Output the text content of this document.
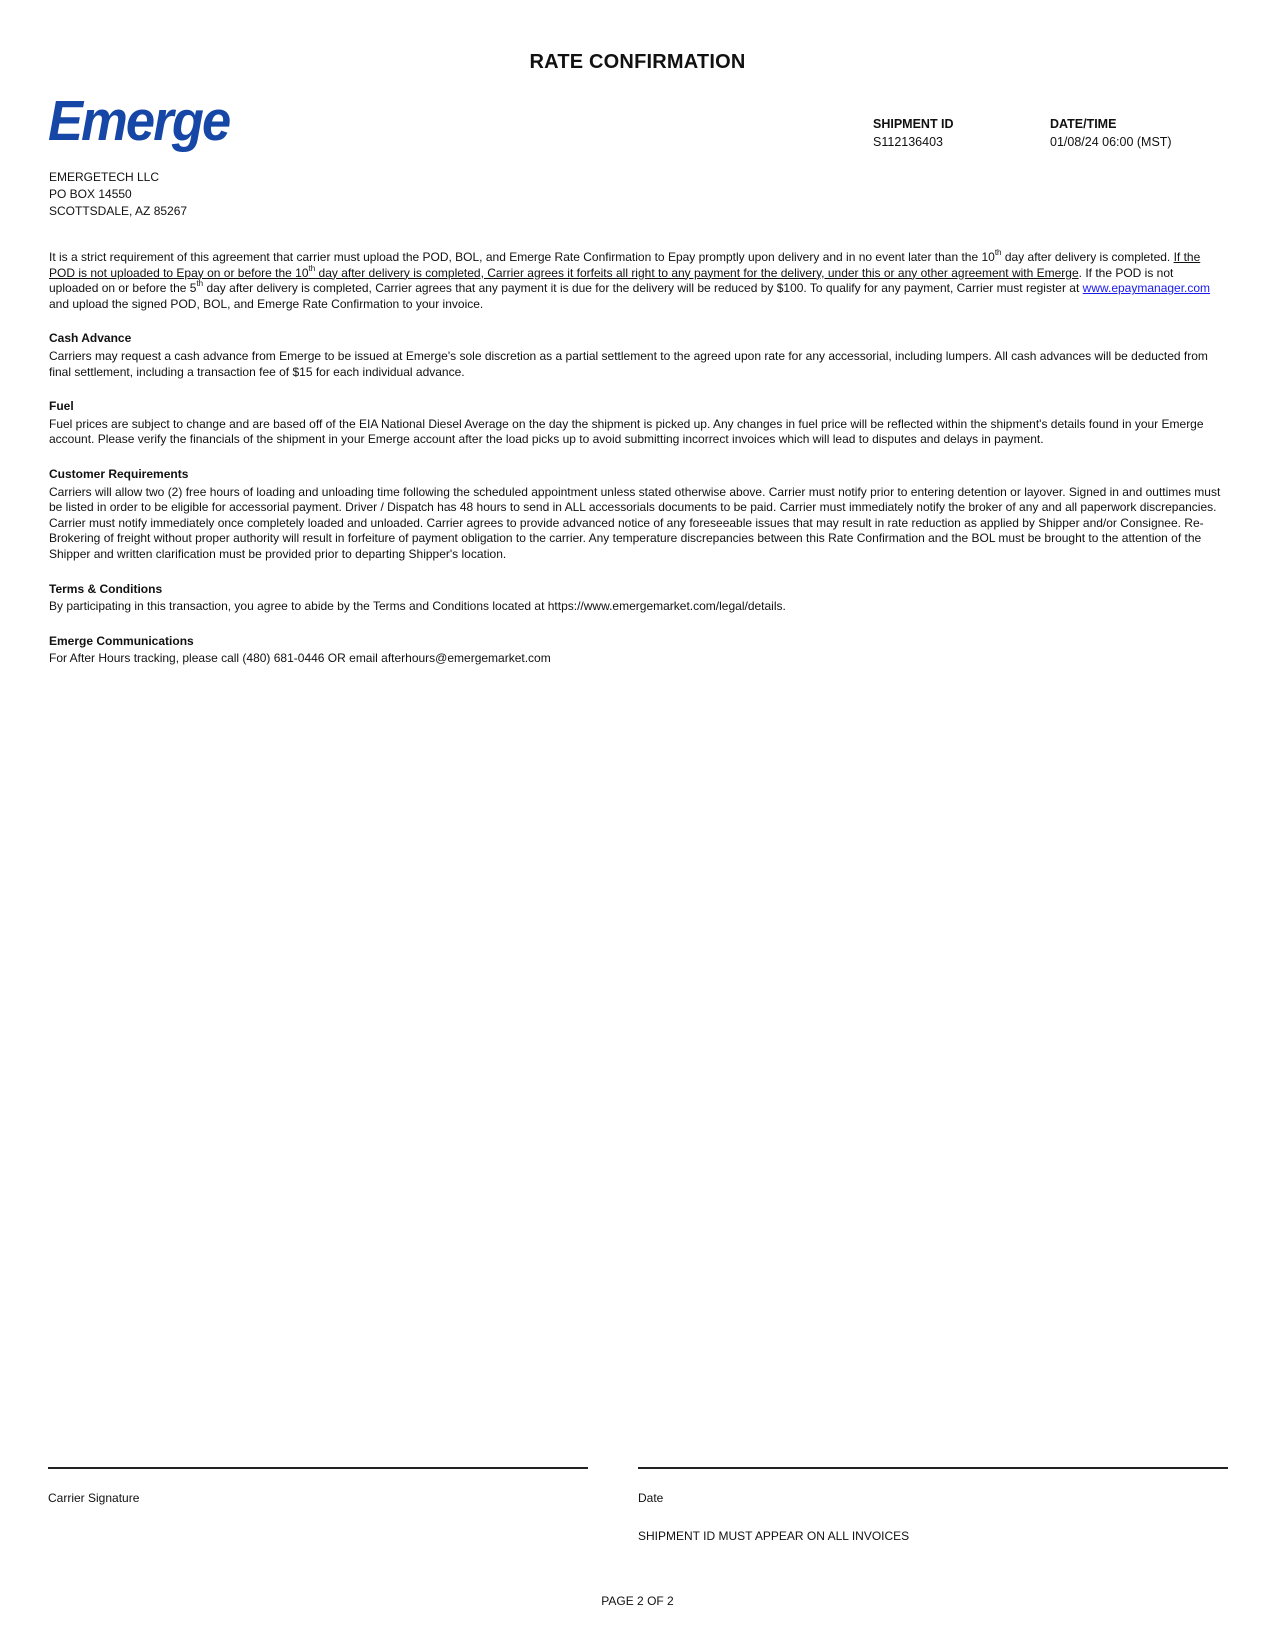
RATE CONFIRMATION
Emerge	SHIPMENT ID
S112136403
DATE/TIME
01/08/24 06:00 (MST)
EMERGETECH LLC
PO BOX 14550
SCOTTSDALE, AZ 85267

It is a strict requirement of this agreement that carrier must upload the POD, BOL, and Emerge Rate Confirmation to Epay promptly upon delivery and in no event later than the 10th day after delivery is completed. If the POD is not uploaded to Epay on or before the 10th day after delivery is completed, Carrier agrees it forfeits all right to any payment for the delivery, under this or any other agreement with Emerge. If the POD is not uploaded on or before the 5th day after delivery is completed, Carrier agrees that any payment it is due for the delivery will be reduced by $100. To qualify for any payment, Carrier must register at www.epaymanager.com and upload the signed POD, BOL, and Emerge Rate Confirmation to your invoice.

Cash Advance

Carriers may request a cash advance from Emerge to be issued at Emerge's sole discretion as a partial settlement to the agreed upon rate for any accessorial, including lumpers. All cash advances will be deducted from final settlement, including a transaction fee of $15 for each individual advance.

Fuel

Fuel prices are subject to change and are based off of the EIA National Diesel Average on the day the shipment is picked up. Any changes in fuel price will be reflected within the shipment's details found in your Emerge account. Please verify the financials of the shipment in your Emerge account after the load picks up to avoid submitting incorrect invoices which will lead to disputes and delays in payment.

Customer Requirements

Carriers will allow two (2) free hours of loading and unloading time following the scheduled appointment unless stated otherwise above. Carrier must notify prior to entering detention or layover. Signed in and outtimes must be listed in order to be eligible for accessorial payment. Driver / Dispatch has 48 hours to send in ALL accessorials documents to be paid. Carrier must immediately notify the broker of any and all paperwork discrepancies. Carrier must notify immediately once completely loaded and unloaded. Carrier agrees to provide advanced notice of any foreseeable issues that may result in rate reduction as applied by Shipper and/or Consignee. Re-Brokering of freight without proper authority will result in forfeiture of payment obligation to the carrier. Any temperature discrepancies between this Rate Confirmation and the BOL must be brought to the attention of the Shipper and written clarification must be provided prior to departing Shipper's location.

Terms & Conditions

By participating in this transaction, you agree to abide by the Terms and Conditions located at https://www.emergemarket.com/legal/details.

Emerge Communications

For After Hours tracking, please call (480) 681-0446 OR email afterhours@emergemarket.com

Carrier Signature	Date
SHIPMENT ID MUST APPEAR ON ALL INVOICES
PAGE 2 OF 2
